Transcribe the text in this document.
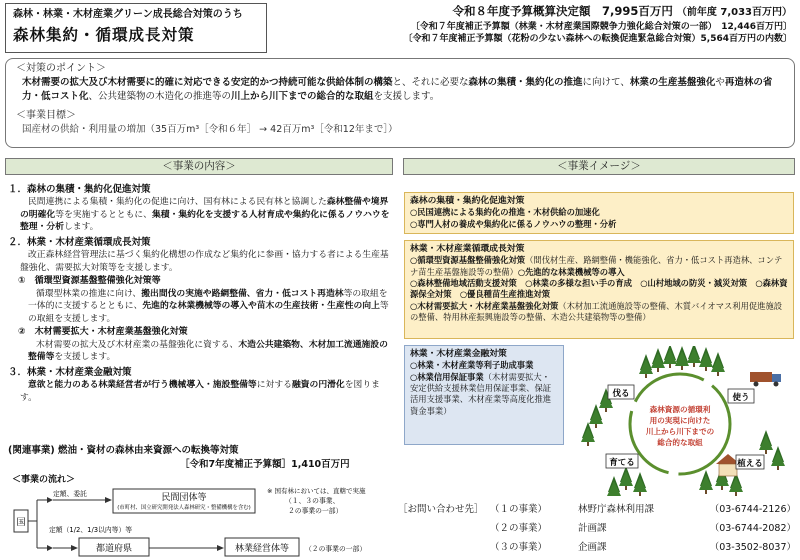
森林・林業・木材産業グリーン成長総合対策のうち
森林集約・循環成長対策
令和８年度予算概算決定額　7,995百万円 （前年度 7,033百万円）
〔令和７年度補正予算額（林業・木材産業国際競争力強化総合対策の一部）　12,446百万円〕
〔令和７年度補正予算額（花粉の少ない森林への転換促進緊急総合対策）5,564百万円の内数〕
＜対策のポイント＞
木材需要の拡大及び木材需要に的確に対応できる安定的かつ持続可能な供給体制の構築と、それに必要な森林の集積・集約化の推進に向けて、林業の生産基盤強化や再造林の省力・低コスト化、公共建築物の木造化の推進等の川上から川下までの総合的な取組を支援します。
＜事業目標＞
国産材の供給・利用量の増加（35百万m³［令和６年］ → 42百万m³［令和12年まで］）
＜事業の内容＞	＜事業イメージ＞
１．森林の集積・集約化促進対策
民間連携による集積・集約化の促進に向け、国有林による民有林と協調した森林整備や境界の明確化等を実施するとともに、集積・集約化を支援する人材育成や集約化に係るノウハウを整理・分析します。
２．林業・木材産業循環成長対策
改正森林経営管理法に基づく集約化構想の作成など集約化に参画・協力する者による生産基盤強化、需要拡大対策等を支援します。
①　循環型資源基盤整備強化対策等
循環型林業の推進に向け、搬出間伐の実施や路網整備、省力・低コスト再造林等の取組を一体的に支援するとともに、先進的な林業機械等の導入や苗木の生産技術・生産性の向上等の取組を支援します。
②　木材需要拡大・木材産業基盤強化対策
木材需要の拡大及び木材産業の基盤強化に資する、木造公共建築物、木材加工流通施設の整備等を支援します。
３．林業・木材産業金融対策
意欲と能力のある林業経営者が行う機械導入・施設整備等に対する融資の円滑化を図ります。
(関連事業) 燃油・資材の森林由来資源への転換等対策
［令和7年度補正予算額］1,410百万円
＜事業の流れ＞
国
定額、委託	民間団体等
(市町村、国立研究開発法人森林研究・整備機構を含む)
※ 国有林においては、直轄で実施
（１、３の事業、
２の事業の一部）
定額（1/2、1/3以内等）等
都道府県	林業経営体等 （２の事業の一部）
森林の集積・集約化促進対策
○民国連携による集約化の推進・木材供給の加速化
○専門人材の養成や集約化に係るノウハウの整理・分析
林業・木材産業循環成長対策
○循環型資源基盤整備強化対策（間伐材生産、路網整備・機能強化、省力・低コスト再造林、コンテナ苗生産基盤施設等の整備）○先進的な林業機械等の導入
○森林整備地域活動支援対策　 ○林業の多様な担い手の育成　 ○山村地域の防災・減災対策　 ○森林資源保全対策　 ○優良種苗生産推進対策
○木材需要拡大・木材産業基盤強化対策（木材加工流通施設等の整備、木質バイオマス利用促進施設の整備、特用林産振興施設等の整備、木造公共建築物等の整備）
林業・木材産業金融対策
○林業・木材産業等利子助成事業
○林業信用保証事業（木材需要拡大・安定供給支援林業信用保証事業、保証活用支援事業、木材産業等高度化推進資金事業）	森林資源の循環利
用の実現に向けた
川上から川下までの
総合的な取組
伐る	使う
育てる	植える
［お問い合わせ先］ （１の事業）	林野庁森林利用課	（03-6744-2126）
（２の事業）	計画課	（03-6744-2082）
（３の事業）	企画課	（03-3502-8037）
